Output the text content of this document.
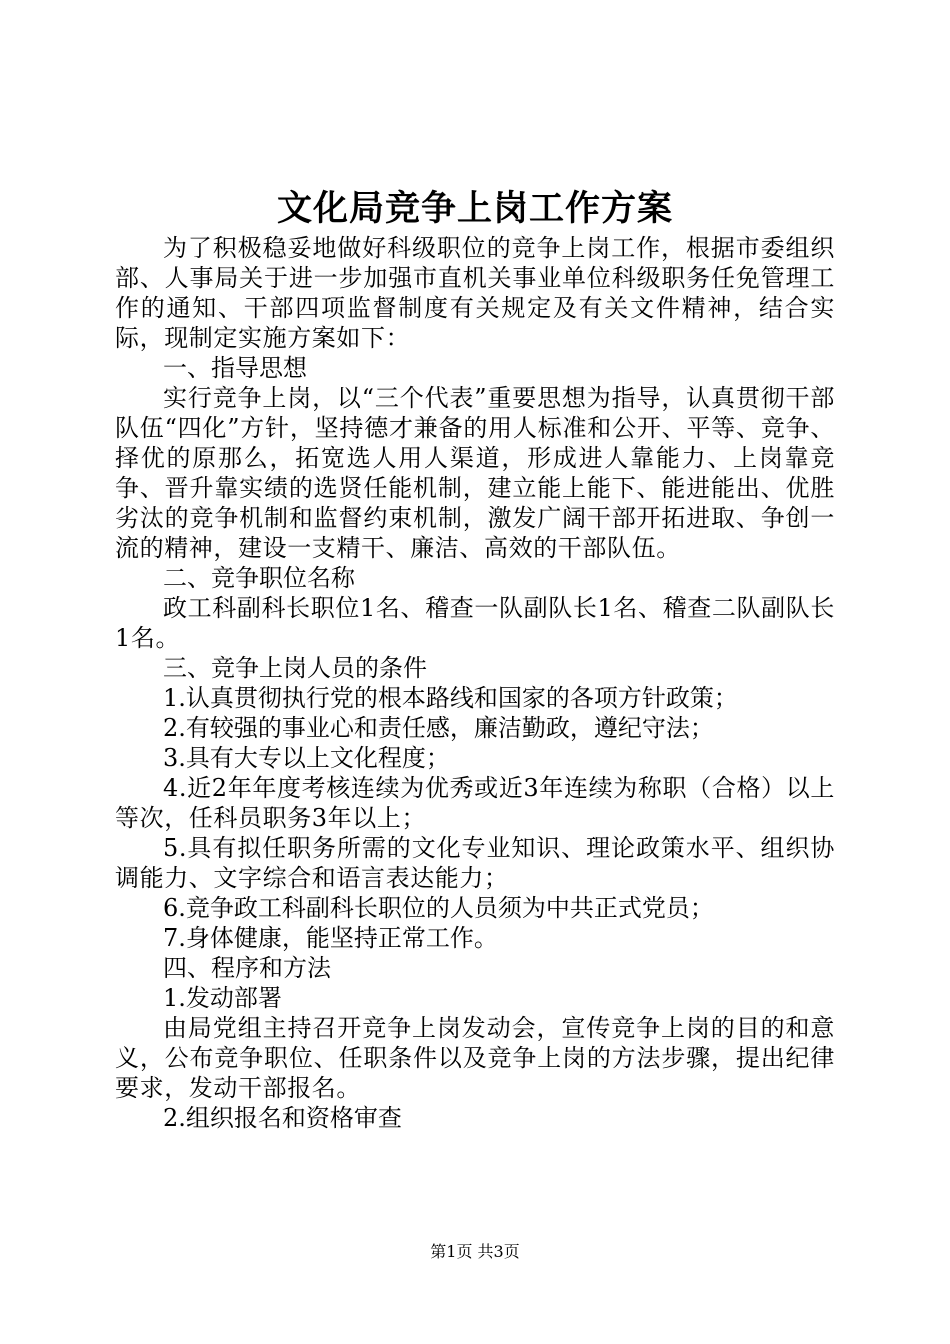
文化局竞争上岗工作方案

为了积极稳妥地做好科级职位的竞争上岗工作，根据市委组织部、人事局关于进一步加强市直机关事业单位科级职务任免管理工作的通知、干部四项监督制度有关规定及有关文件精神，结合实际，现制定实施方案如下：

一、指导思想

实行竞争上岗，以“三个代表”重要思想为指导，认真贯彻干部队伍“四化”方针，坚持德才兼备的用人标准和公开、平等、竞争、择优的原那么，拓宽选人用人渠道，形成进人靠能力、上岗靠竞争、晋升靠实绩的选贤任能机制，建立能上能下、能进能出、优胜劣汰的竞争机制和监督约束机制，激发广阔干部开拓进取、争创一流的精神，建设一支精干、廉洁、高效的干部队伍。

二、竞争职位名称

政工科副科长职位1名、稽查一队副队长1名、稽查二队副队长1名。

三、竞争上岗人员的条件

1.认真贯彻执行党的根本路线和国家的各项方针政策；

2.有较强的事业心和责任感，廉洁勤政，遵纪守法；

3.具有大专以上文化程度；

4.近2年年度考核连续为优秀或近3年连续为称职（合格）以上等次，任科员职务3年以上；

5.具有拟任职务所需的文化专业知识、理论政策水平、组织协调能力、文字综合和语言表达能力；

6.竞争政工科副科长职位的人员须为中共正式党员；

7.身体健康，能坚持正常工作。

四、程序和方法

1.发动部署

由局党组主持召开竞争上岗发动会，宣传竞争上岗的目的和意义，公布竞争职位、任职条件以及竞争上岗的方法步骤，提出纪律要求，发动干部报名。

2.组织报名和资格审查

第1页 共3页
